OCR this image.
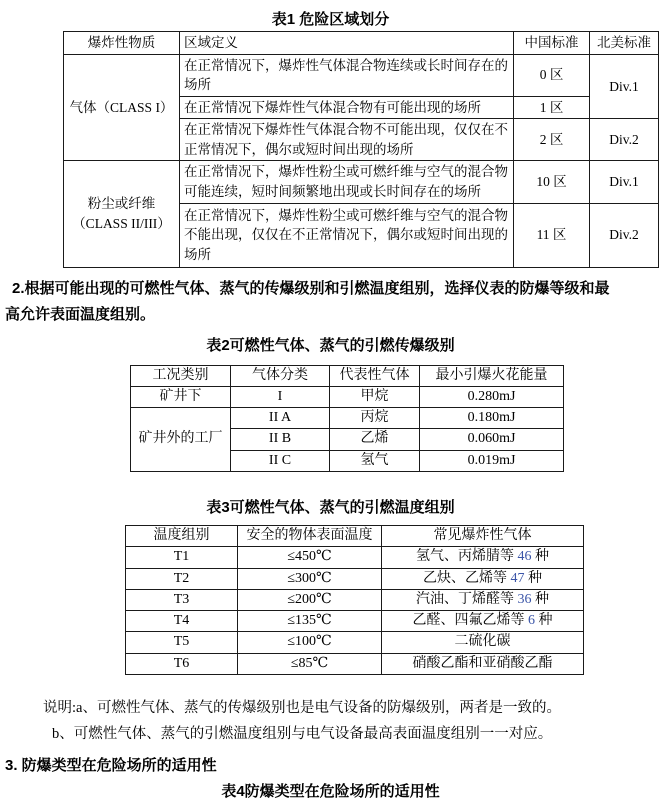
表1 危险区域划分
爆炸性物质	区域定义	中国标准	北美标准
气体（CLASS I）	在正常情况下，爆炸性气体混合物连续或长时间存在的场所	0 区	Div.1
	在正常情况下爆炸性气体混合物有可能出现的场所	1 区	
	在正常情况下爆炸性气体混合物不可能出现，仅仅在不正常情况下，偶尔或短时间出现的场所	2 区	Div.2
粉尘或纤维
（CLASS II/III）	在正常情况下，爆炸性粉尘或可燃纤维与空气的混合物可能连续，短时间频繁地出现或长时间存在的场所	10 区	Div.1
	在正常情况下，爆炸性粉尘或可燃纤维与空气的混合物不能出现，仅仅在不正常情况下，偶尔或短时间出现的场所	11 区	Div.2
2.根据可能出现的可燃性气体、蒸气的传爆级别和引燃温度组别，选择仪表的防爆等级和最
高允许表面温度组别。
表2可燃性气体、蒸气的引燃传爆级别
工况类别	气体分类	代表性气体	最小引爆火花能量
矿井下	I	甲烷	0.280mJ
矿井外的工厂	II A	丙烷	0.180mJ
	II B	乙烯	0.060mJ
	II C	氢气	0.019mJ
表3可燃性气体、蒸气的引燃温度组别
温度组别	安全的物体表面温度	常见爆炸性气体
T1	≤450℃	氢气、丙烯腈等 46 种
T2	≤300℃	乙炔、乙烯等 47 种
T3	≤200℃	汽油、丁烯醛等 36 种
T4	≤135℃	乙醛、四氟乙烯等 6 种
T5	≤100℃	二硫化碳
T6	≤85℃	硝酸乙酯和亚硝酸乙酯
说明:a、可燃性气体、蒸气的传爆级别也是电气设备的防爆级别，两者是一致的。
b、可燃性气体、蒸气的引燃温度组别与电气设备最高表面温度组别一一对应。
3. 防爆类型在危险场所的适用性
表4防爆类型在危险场所的适用性
